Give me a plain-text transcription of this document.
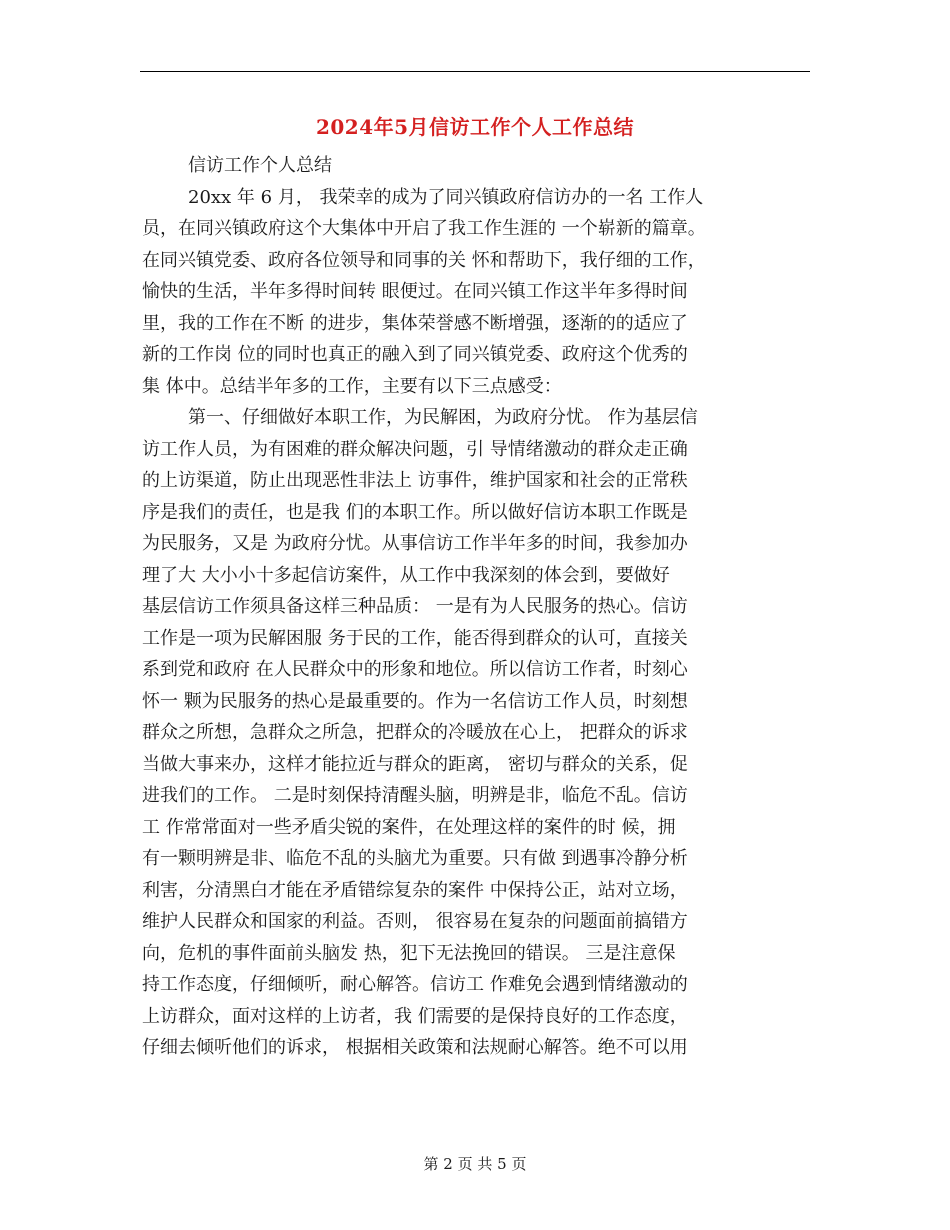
2024年5月信访工作个人工作总结
信访工作个人总结
20xx 年 6 月， 我荣幸的成为了同兴镇政府信访办的一名 工作人
员，在同兴镇政府这个大集体中开启了我工作生涯的 一个崭新的篇章。
在同兴镇党委、政府各位领导和同事的关 怀和帮助下，我仔细的工作，
愉快的生活，半年多得时间转 眼便过。在同兴镇工作这半年多得时间
里，我的工作在不断 的进步，集体荣誉感不断增强，逐渐的的适应了
新的工作岗 位的同时也真正的融入到了同兴镇党委、政府这个优秀的
集 体中。总结半年多的工作，主要有以下三点感受：
第一、仔细做好本职工作，为民解困，为政府分忧。 作为基层信
访工作人员，为有困难的群众解决问题，引 导情绪激动的群众走正确
的上访渠道，防止出现恶性非法上 访事件，维护国家和社会的正常秩
序是我们的责任，也是我 们的本职工作。所以做好信访本职工作既是
为民服务，又是 为政府分忧。从事信访工作半年多的时间，我参加办
理了大 大小小十多起信访案件，从工作中我深刻的体会到，要做好
基层信访工作须具备这样三种品质： 一是有为人民服务的热心。信访
工作是一项为民解困服 务于民的工作，能否得到群众的认可，直接关
系到党和政府 在人民群众中的形象和地位。所以信访工作者，时刻心
怀一 颗为民服务的热心是最重要的。作为一名信访工作人员，时刻想
群众之所想，急群众之所急，把群众的冷暖放在心上， 把群众的诉求
当做大事来办，这样才能拉近与群众的距离， 密切与群众的关系，促
进我们的工作。 二是时刻保持清醒头脑，明辨是非，临危不乱。信访
工 作常常面对一些矛盾尖锐的案件，在处理这样的案件的时 候，拥
有一颗明辨是非、临危不乱的头脑尤为重要。只有做 到遇事冷静分析
利害，分清黑白才能在矛盾错综复杂的案件 中保持公正，站对立场，
维护人民群众和国家的利益。否则， 很容易在复杂的问题面前搞错方
向，危机的事件面前头脑发 热，犯下无法挽回的错误。 三是注意保
持工作态度，仔细倾听，耐心解答。信访工 作难免会遇到情绪激动的
上访群众，面对这样的上访者，我 们需要的是保持良好的工作态度，
仔细去倾听他们的诉求， 根据相关政策和法规耐心解答。绝不可以用
第 2 页 共 5 页
